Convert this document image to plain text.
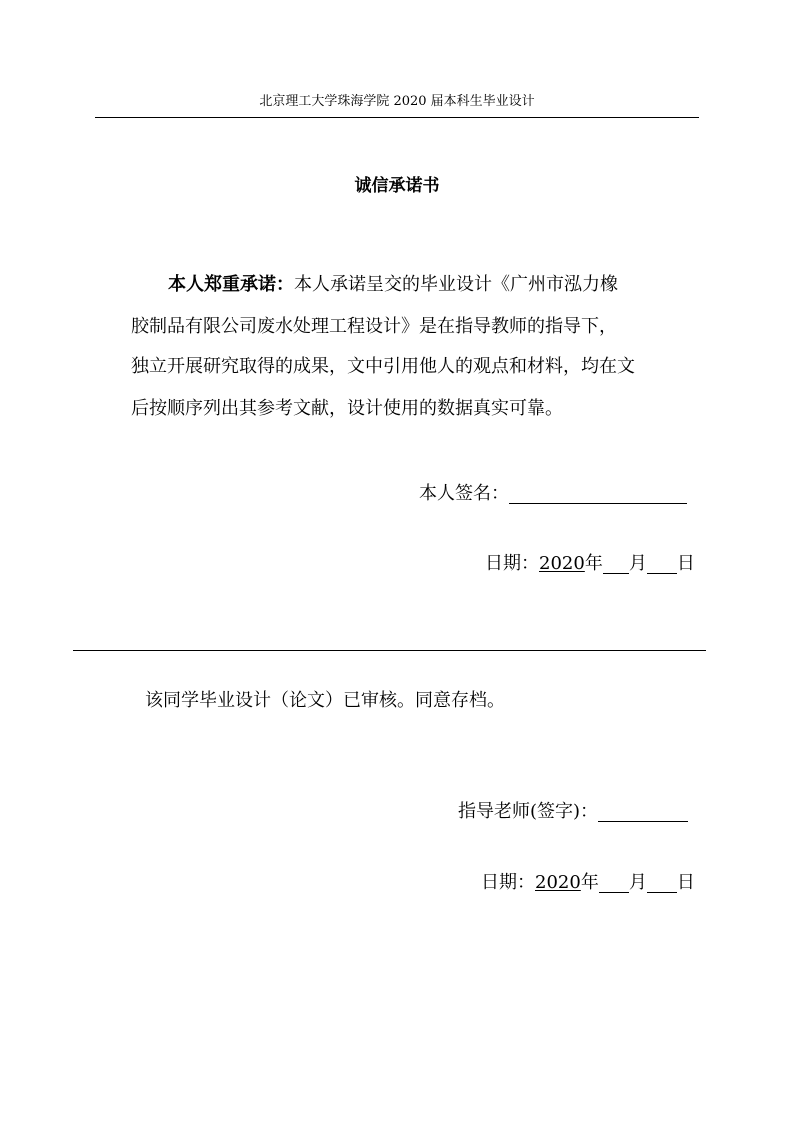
北京理工大学珠海学院 2020 届本科生毕业设计
诚信承诺书
本人郑重承诺：本人承诺呈交的毕业设计《广州市泓力橡
胶制品有限公司废水处理工程设计》是在指导教师的指导下，
独立开展研究取得的成果，文中引用他人的观点和材料，均在文
后按顺序列出其参考文献，设计使用的数据真实可靠。
本人签名：
日期：2020年 月 日
该同学毕业设计（论文）已审核。同意存档。
指导老师(签字)：
日期：2020年 月 日
